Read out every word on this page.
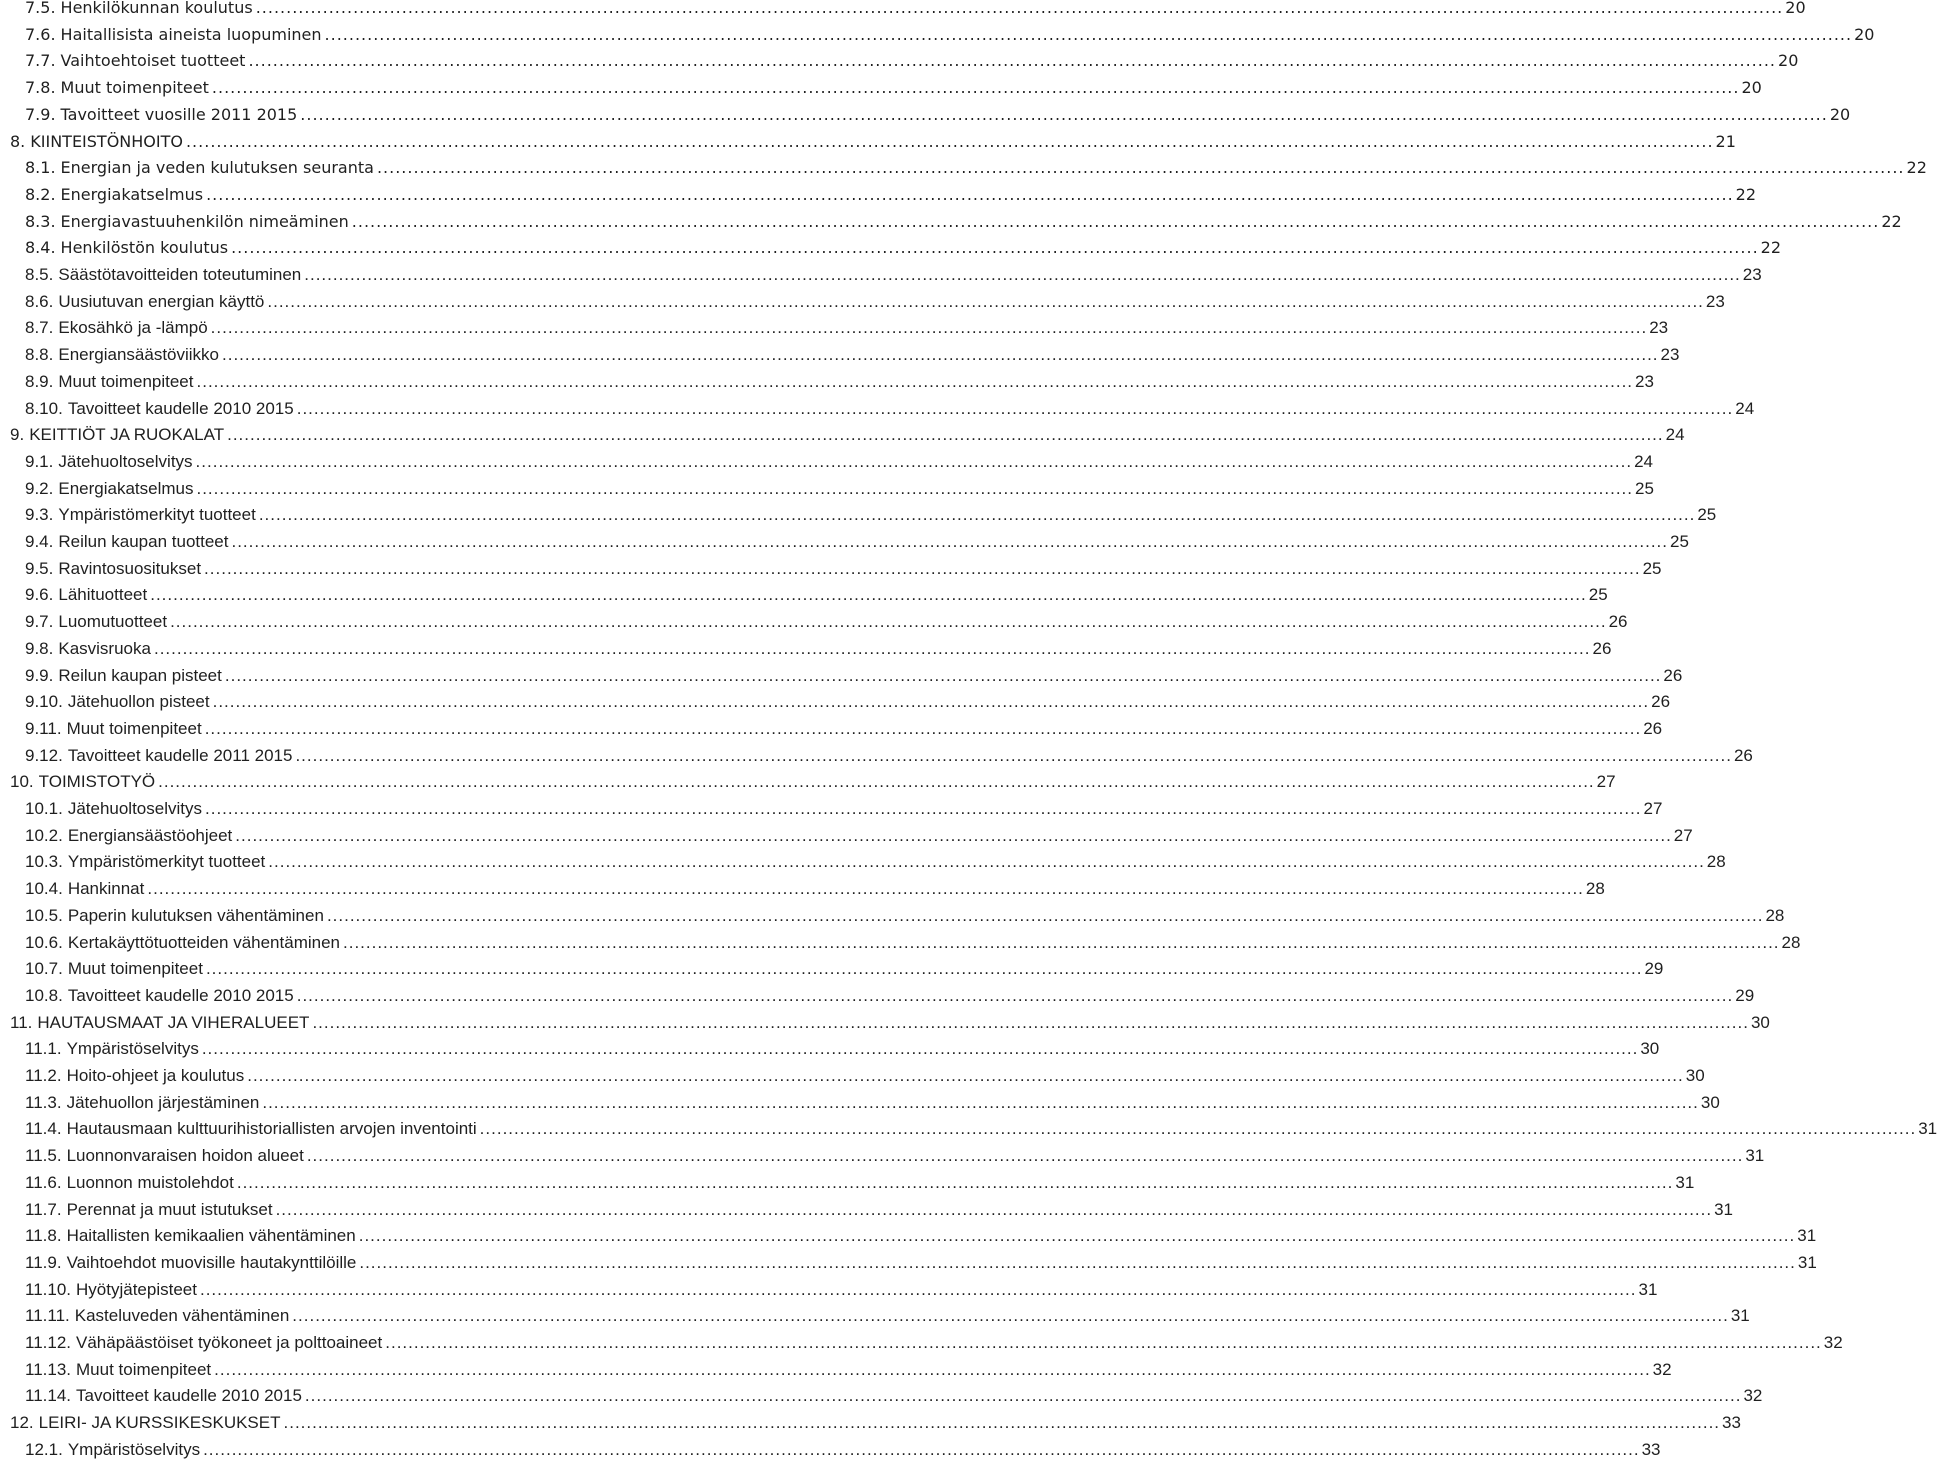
7.5. Henkilökunnan koulutus .....	20
7.6. Haitallisista aineista luopuminen .....	20
7.7. Vaihtoehtoiset tuotteet .....	20
7.8. Muut toimenpiteet .....	20
7.9. Tavoitteet vuosille 2011 2015 .....	20
8. KIINTEISTÖNHOITO .....	21
8.1. Energian ja veden kulutuksen seuranta .....	22
8.2. Energiakatselmus .....	22
8.3. Energiavastuuhenkilön nimeäminen .....	22
8.4. Henkilöstön koulutus .....	22
8.5. Säästötavoitteiden toteutuminen .....	23
8.6. Uusiutuvan energian käyttö .....	23
8.7. Ekosähkö ja -lämpö .....	23
8.8. Energiansäästöviikko .....	23
8.9. Muut toimenpiteet .....	23
8.10. Tavoitteet kaudelle 2010 2015 .....	24
9. KEITTIÖT JA RUOKALAT .....	24
9.1. Jätehuoltoselvitys .....	24
9.2. Energiakatselmus .....	25
9.3. Ympäristömerkityt tuotteet .....	25
9.4. Reilun kaupan tuotteet .....	25
9.5. Ravintosuositukset .....	25
9.6. Lähituotteet .....	25
9.7. Luomutuotteet .....	26
9.8. Kasvisruoka .....	26
9.9. Reilun kaupan pisteet .....	26
9.10. Jätehuollon pisteet .....	26
9.11. Muut toimenpiteet .....	26
9.12. Tavoitteet kaudelle 2011 2015 .....	26
10. TOIMISTOTYÖ .....	27
10.1. Jätehuoltoselvitys .....	27
10.2. Energiansäästöohjeet .....	27
10.3. Ympäristömerkityt tuotteet .....	28
10.4. Hankinnat .....	28
10.5. Paperin kulutuksen vähentäminen .....	28
10.6. Kertakäyttötuotteiden vähentäminen .....	28
10.7. Muut toimenpiteet .....	29
10.8. Tavoitteet kaudelle 2010 2015 .....	29
11. HAUTAUSMAAT JA VIHERALUEET .....	30
11.1. Ympäristöselvitys .....	30
11.2. Hoito-ohjeet ja koulutus .....	30
11.3. Jätehuollon järjestäminen .....	30
11.4. Hautausmaan kulttuurihistoriallisten arvojen inventointi .....	31
11.5. Luonnonvaraisen hoidon alueet .....	31
11.6. Luonnon muistolehdot .....	31
11.7. Perennat ja muut istutukset .....	31
11.8. Haitallisten kemikaalien vähentäminen .....	31
11.9. Vaihtoehdot muovisille hautakynttilöille .....	31
11.10. Hyötyjätepisteet .....	31
11.11. Kasteluveden vähentäminen .....	31
11.12. Vähäpäästöiset työkoneet ja polttoaineet .....	32
11.13. Muut toimenpiteet .....	32
11.14. Tavoitteet kaudelle 2010 2015 .....	32
12. LEIRI- JA KURSSIKESKUKSET .....	33
12.1. Ympäristöselvitys .....	33
